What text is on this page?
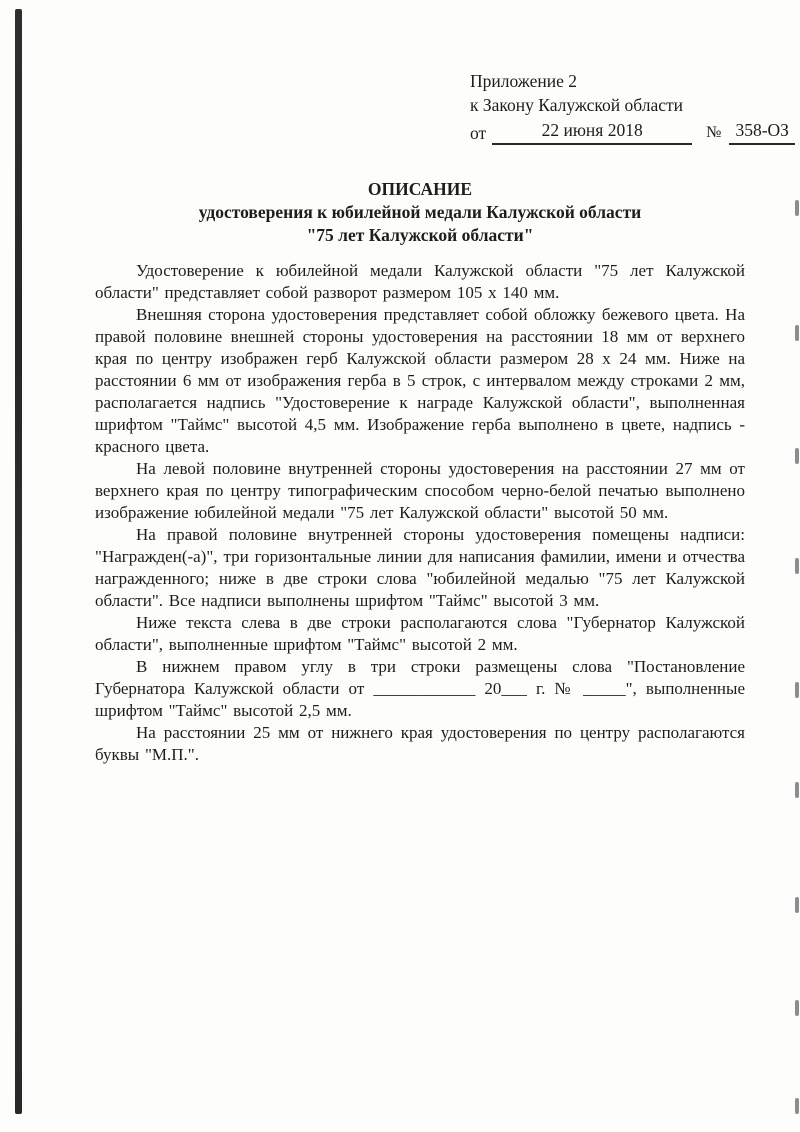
Приложение 2
к Закону Калужской области
от	22 июня 2018	№ 358-ОЗ
ОПИСАНИЕ
удостоверения к юбилейной медали Калужской области
"75 лет Калужской области"

Удостоверение к юбилейной медали Калужской области "75 лет Калужской области" представляет собой разворот размером 105 х 140 мм.

Внешняя сторона удостоверения представляет собой обложку бежевого цвета. На правой половине внешней стороны удостоверения на расстоянии 18 мм от верхнего края по центру изображен герб Калужской области размером 28 х 24 мм. Ниже на расстоянии 6 мм от изображения герба в 5 строк, с интервалом между строками 2 мм, располагается надпись "Удостоверение к награде Калужской области", выполненная шрифтом "Таймс" высотой 4,5 мм. Изображение герба выполнено в цвете, надпись - красного цвета.

На левой половине внутренней стороны удостоверения на расстоянии 27 мм от верхнего края по центру типографическим способом черно-белой печатью выполнено изображение юбилейной медали "75 лет Калужской области" высотой 50 мм.

На правой половине внутренней стороны удостоверения помещены надписи: "Награжден(-а)", три горизонтальные линии для написания фамилии, имени и отчества награжденного; ниже в две строки слова "юбилейной медалью "75 лет Калужской области". Все надписи выполнены шрифтом "Таймс" высотой 3 мм.

Ниже текста слева в две строки располагаются слова "Губернатор Калужской области", выполненные шрифтом "Таймс" высотой 2 мм.

В нижнем правом углу в три строки размещены слова "Постановление Губернатора Калужской области от ____________ 20___ г. № _____", выполненные шрифтом "Таймс" высотой 2,5 мм.

На расстоянии 25 мм от нижнего края удостоверения по центру располагаются буквы "М.П.".
